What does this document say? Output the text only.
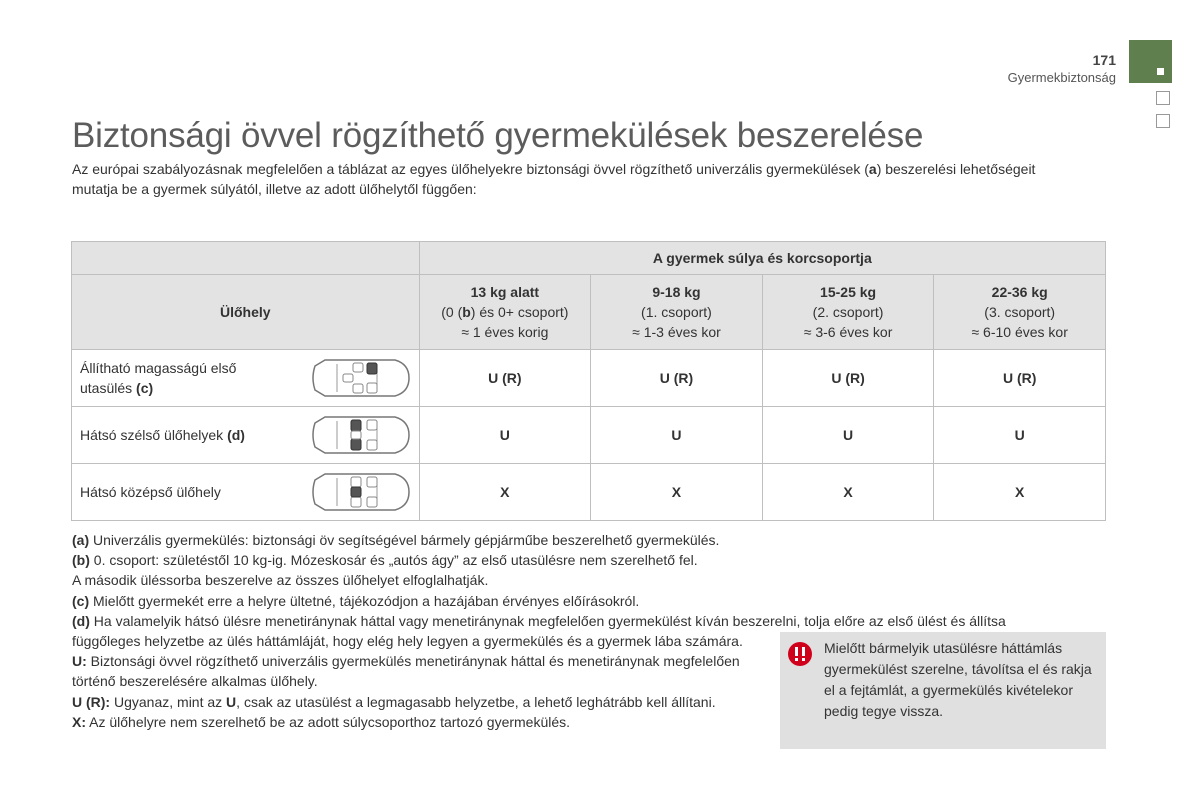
171
Gyermekbiztonság
Biztonsági övvel rögzíthető gyermekülések beszerelése
Az európai szabályozásnak megfelelően a táblázat az egyes ülőhelyekre biztonsági övvel rögzíthető univerzális gyermekülések (a) beszerelési lehetőségeit mutatja be a gyermek súlyától, illetve az adott ülőhelytől függően:
	A gyermek súlya és korcsoportja			
Ülőhely	13 kg alatt
(0 (b) és 0+ csoport)
≈ 1 éves korig	9-18 kg
(1. csoport)
≈ 1-3 éves kor	15-25 kg
(2. csoport)
≈ 3-6 éves kor	22-36 kg
(3. csoport)
≈ 6-10 éves kor

Állítható magasságú első utasülés (c)	U (R)	U (R)	U (R)	U (R)
Hátsó szélső ülőhelyek (d)	U	U	U	U
Hátsó középső ülőhely	X	X	X	X

(a) Univerzális gyermekülés: biztonsági öv segítségével bármely gépjárműbe beszerelhető gyermekülés.

(b) 0. csoport: születéstől 10 kg-ig. Mózeskosár és „autós ágy” az első utasülésre nem szerelhető fel.

A második üléssorba beszerelve az összes ülőhelyet elfoglalhatják.

(c) Mielőtt gyermekét erre a helyre ültetné, tájékozódjon a hazájában érvényes előírásokról.

(d) Ha valamelyik hátsó ülésre menetiránynak háttal vagy menetiránynak megfelelően gyermekülést kíván beszerelni, tolja előre az első ülést és állítsa

függőleges helyzetbe az ülés háttámláját, hogy elég hely legyen a gyermekülés és a gyermek lába számára.

U: Biztonsági övvel rögzíthető univerzális gyermekülés menetiránynak háttal és menetiránynak megfelelően történő beszerelésére alkalmas ülőhely.

U (R): Ugyanaz, mint az U, csak az utasülést a legmagasabb helyzetbe, a lehető leghátrább kell állítani.

X: Az ülőhelyre nem szerelhető be az adott súlycsoporthoz tartozó gyermekülés.

Mielőtt bármelyik utasülésre háttámlás gyermekülést szerelne, távolítsa el és rakja el a fejtámlát, a gyermekülés kivételekor pedig tegye vissza.
